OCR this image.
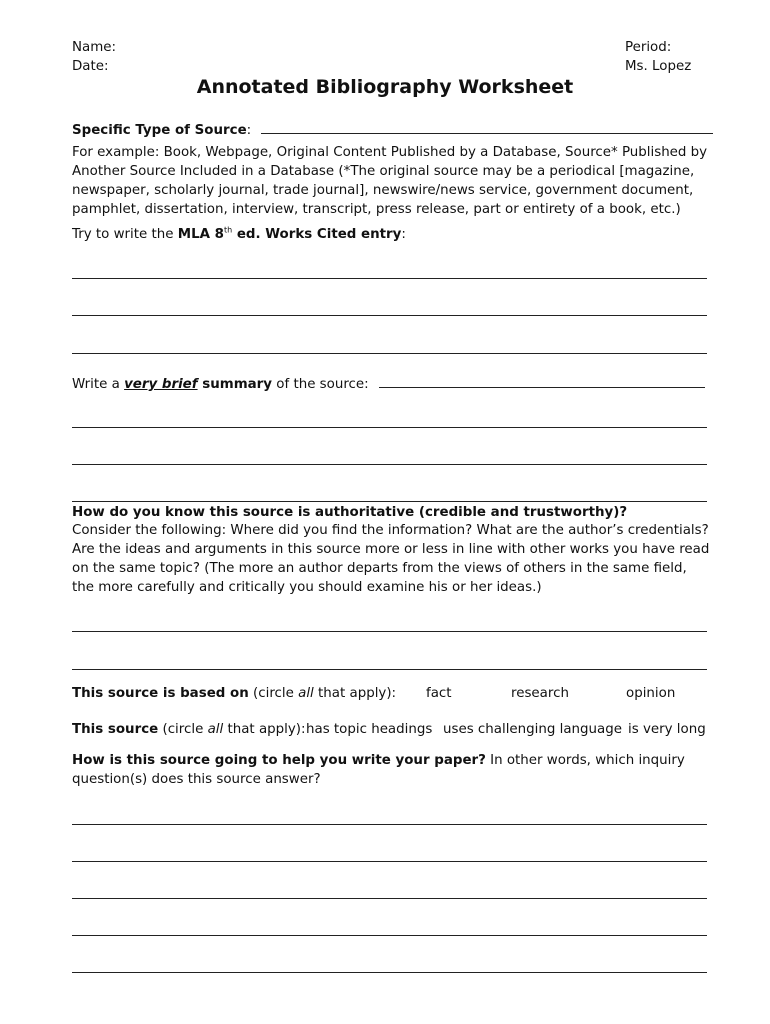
Name:
Date:
Period:
Ms. Lopez
Annotated Bibliography Worksheet
Specific Type of Source:
For example: Book, Webpage, Original Content Published by a Database, Source* Published by Another Source Included in a Database (*The original source may be a periodical [magazine, newspaper, scholarly journal, trade journal], newswire/news service, government document, pamphlet, dissertation, interview, transcript, press release, part or entirety of a book, etc.)
Try to write the MLA 8th ed. Works Cited entry:
Write a very brief summary of the source:
How do you know this source is authoritative (credible and trustworthy)?
Consider the following: Where did you find the information? What are the author’s credentials? Are the ideas and arguments in this source more or less in line with other works you have read on the same topic? (The more an author departs from the views of others in the same field, the more carefully and critically you should examine his or her ideas.)
This source is based on (circle all that apply):	fact	research	opinion
This source (circle all that apply): has topic headings uses challenging language is very long
How is this source going to help you write your paper? In other words, which inquiry question(s) does this source answer?
